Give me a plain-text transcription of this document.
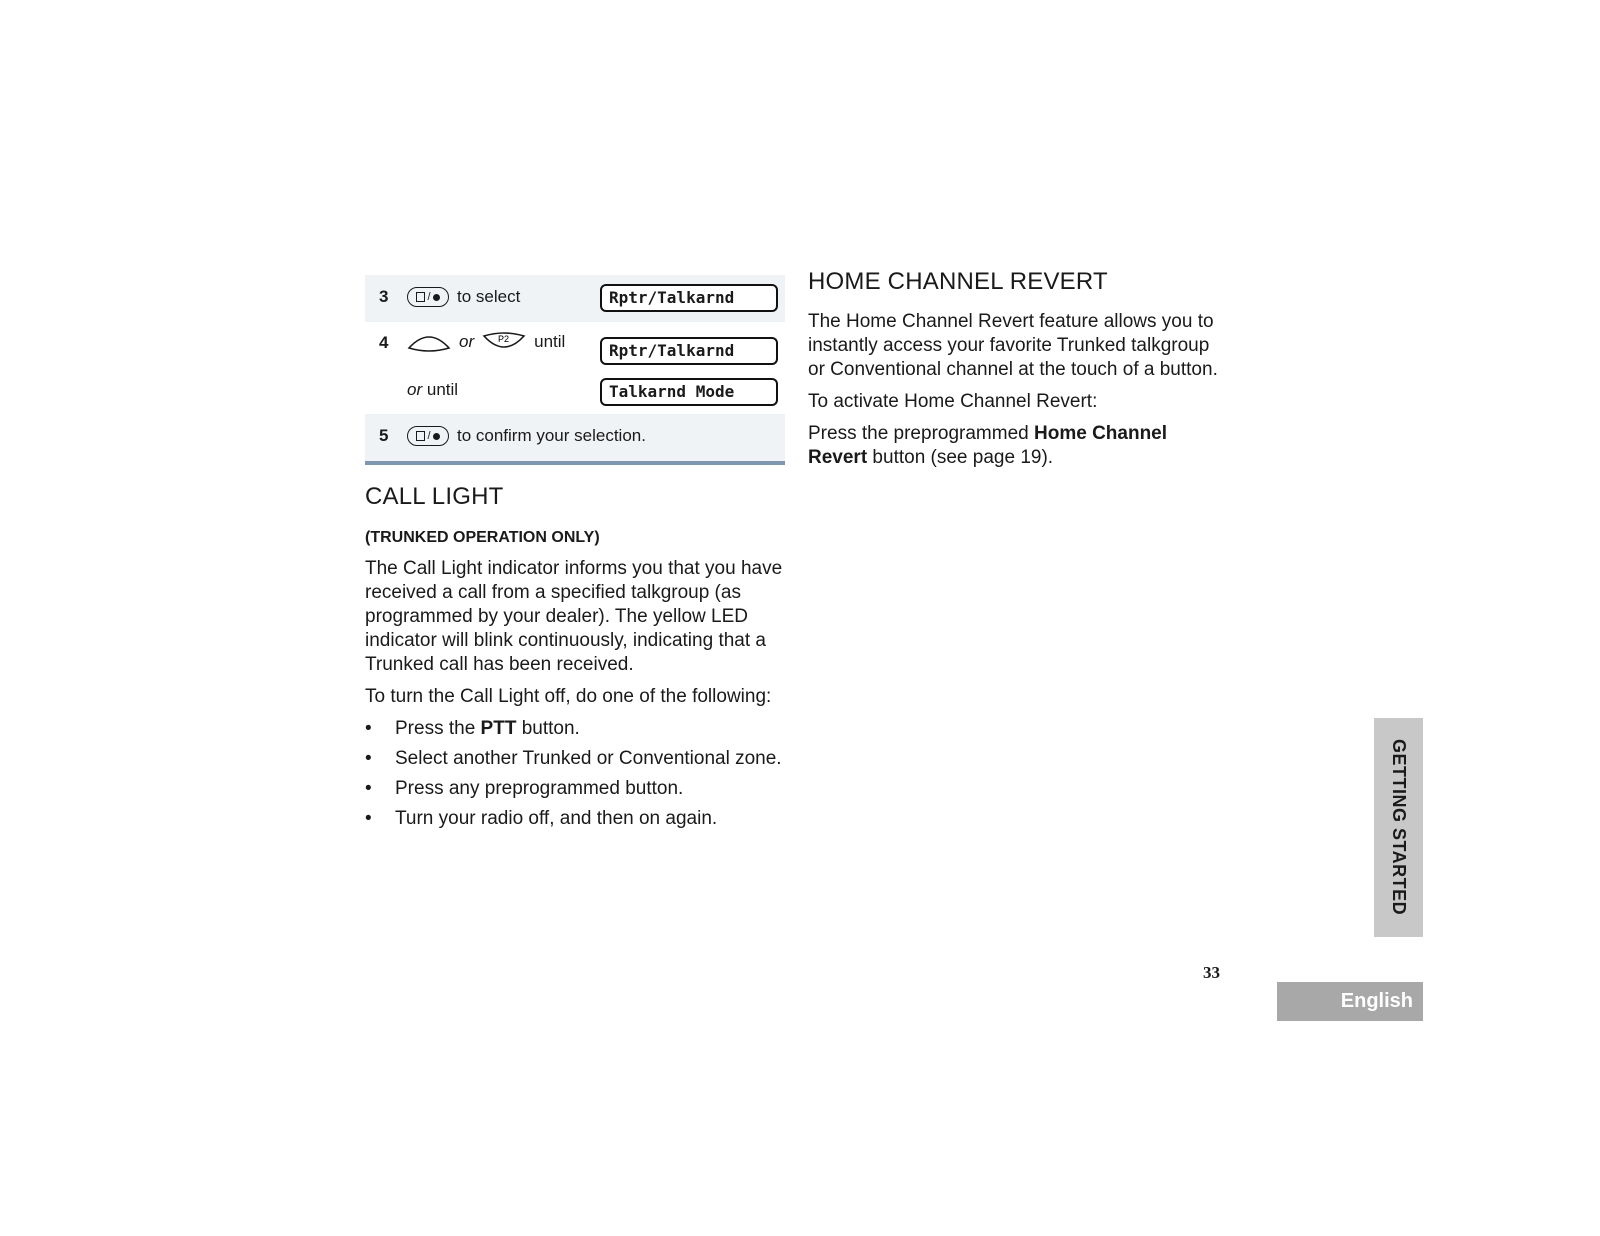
3	/	to select	Rptr/Talkarnd
4	or	P2 until	Rptr/Talkarnd
or until	Talkarnd Mode
5	/	to confirm your selection.
CALL LIGHT
(TRUNKED OPERATION ONLY)

The Call Light indicator informs you that you have received a call from a specified talkgroup (as programmed by your dealer). The yellow LED indicator will blink continuously, indicating that a Trunked call has been received.

To turn the Call Light off, do one of the following:

• Press the PTT button.
• Select another Trunked or Conventional zone.
• Press any preprogrammed button.
• Turn your radio off, and then on again.
HOME CHANNEL REVERT

The Home Channel Revert feature allows you to instantly access your favorite Trunked talkgroup or Conventional channel at the touch of a button.

To activate Home Channel Revert:

Press the preprogrammed Home Channel Revert button (see page 19).

GETTING STARTED
33
English
